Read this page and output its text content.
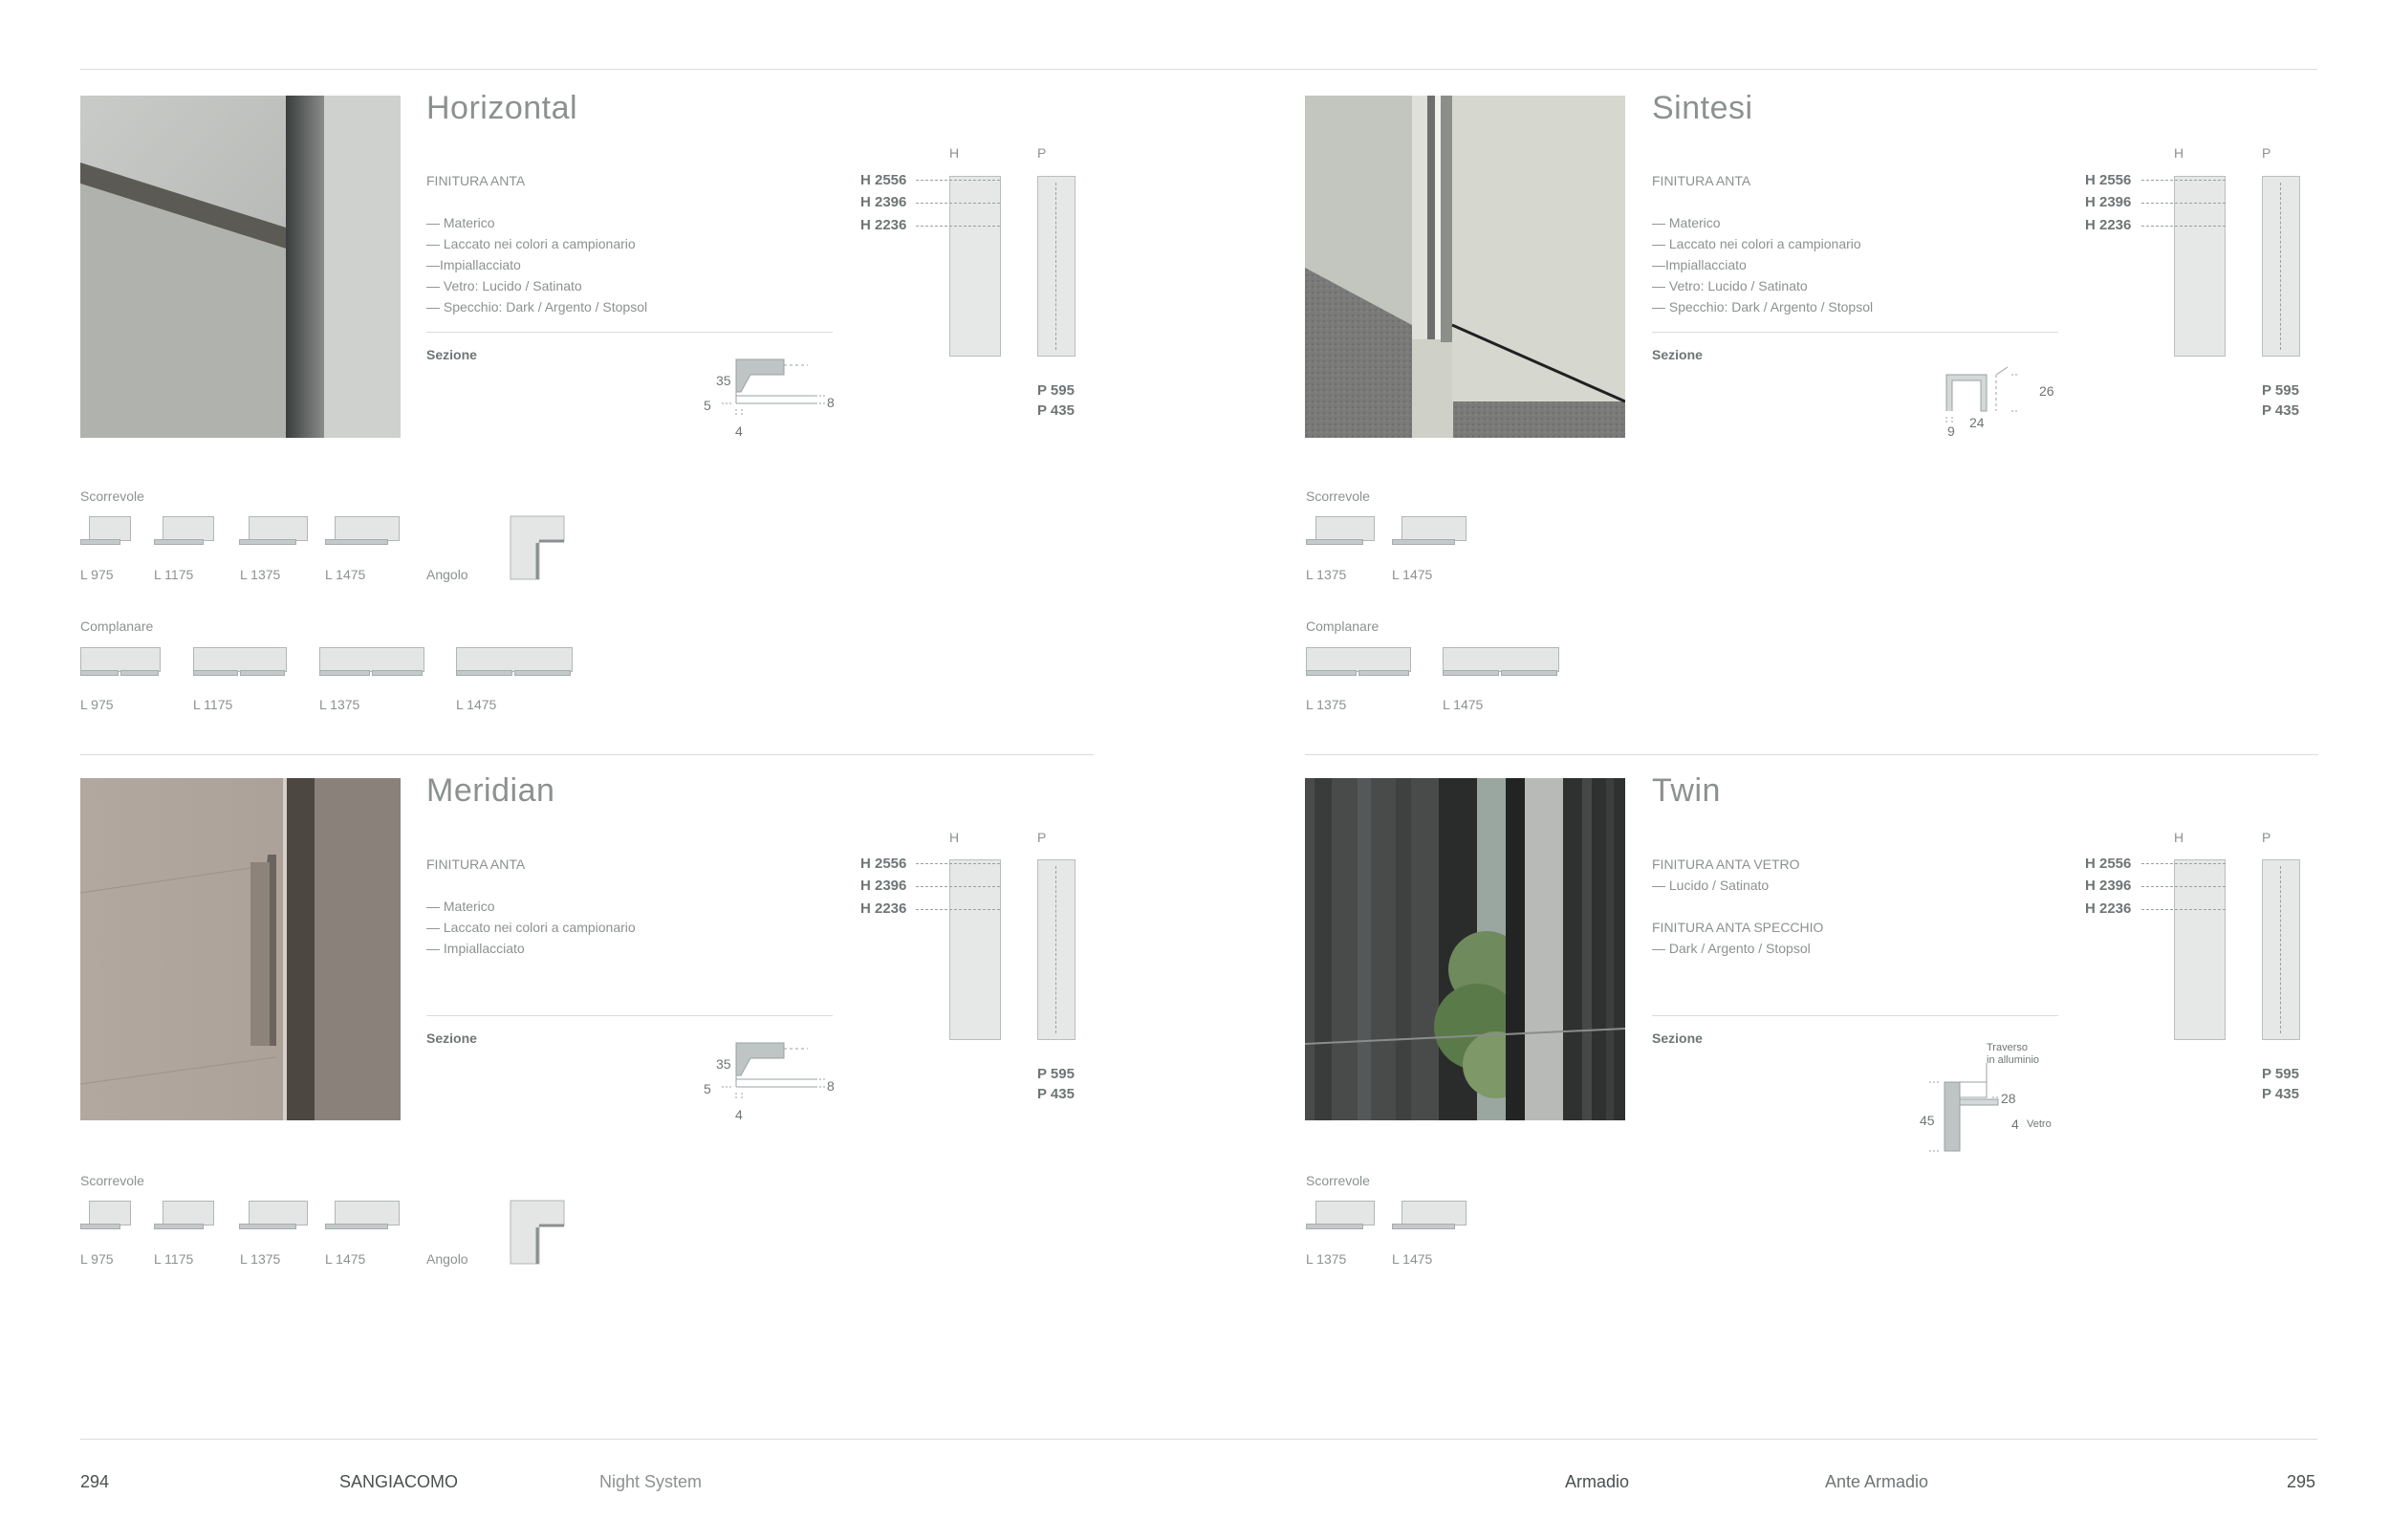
Horizontal
FINITURA ANTA
— Materico
— Laccato nei colori a campionario
—Impiallacciato
— Vetro: Lucido / Satinato
— Specchio: Dark / Argento / Stopsol
Sezione
35
5	8
4
H	P
H 2556
H 2396
H 2236
P 595
P 435
Scorrevole
L 975	L 1175	L 1375	L 1475	Angolo
Complanare
L 975	L 1175	L 1375	L 1475
Sintesi
FINITURA ANTA
— Materico
— Laccato nei colori a campionario
—Impiallacciato
— Vetro: Lucido / Satinato
— Specchio: Dark / Argento / Stopsol
Sezione
26
24
9
H	P
H 2556
H 2396
H 2236
P 595
P 435
Scorrevole
L 1375	L 1475
Complanare
L 1375	L 1475
Meridian
FINITURA ANTA
— Materico
— Laccato nei colori a campionario
— Impiallacciato
Sezione
35
5	8
4
H	P
H 2556
H 2396
H 2236
P 595
P 435
Scorrevole
L 975	L 1175	L 1375	L 1475	Angolo
Twin
FINITURA ANTA VETRO
— Lucido / Satinato
FINITURA ANTA SPECCHIO
— Dark / Argento / Stopsol
Sezione
Traverso
in alluminio
28
45	4 Vetro
H	P
H 2556
H 2396
H 2236
P 595
P 435
Scorrevole
L 1375	L 1475
294	SANGIACOMO	Night System	Armadio	Ante Armadio	295
